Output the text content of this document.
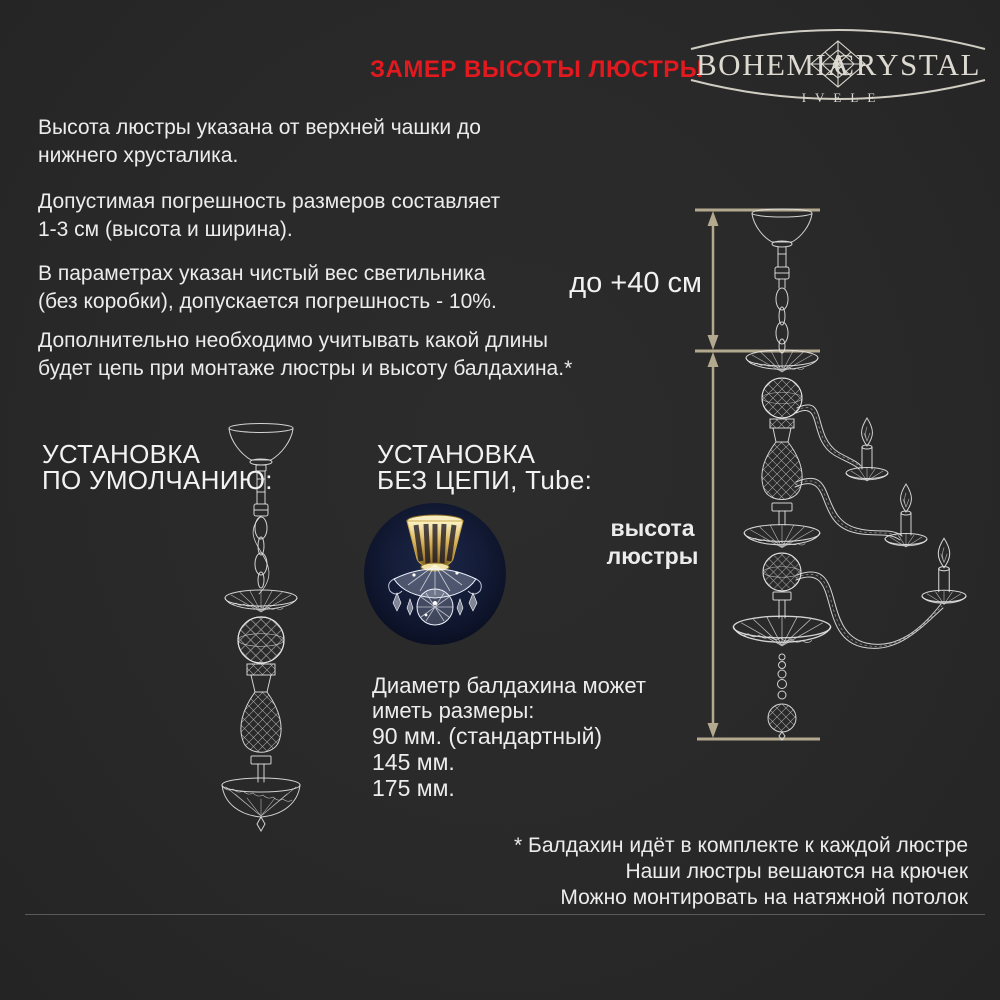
ЗАМЕР ВЫСОТЫ ЛЮСТРЫ
BOHEMIA
CRYSTAL
IVELE
Высота люстры указана от верхней чашки до
нижнего хрусталика.
Допустимая погрешность размеров составляет
1-3 см (высота и ширина).
В параметрах указан чистый вес светильника
(без коробки), допускается погрешность - 10%.
Дополнительно необходимо учитывать какой длины
будет цепь при монтаже люстры и высоту балдахина.*
УСТАНОВКА
ПО УМОЛЧАНИЮ:
УСТАНОВКА
БЕЗ ЦЕПИ, Tube:
Диаметр балдахина может
иметь размеры:
90 мм. (стандартный)
145 мм.
175 мм.
до +40 см
высота
люстры
* Балдахин идёт в комплекте к каждой люстре
Наши люстры вешаются на крючек
Можно монтировать на натяжной потолок
